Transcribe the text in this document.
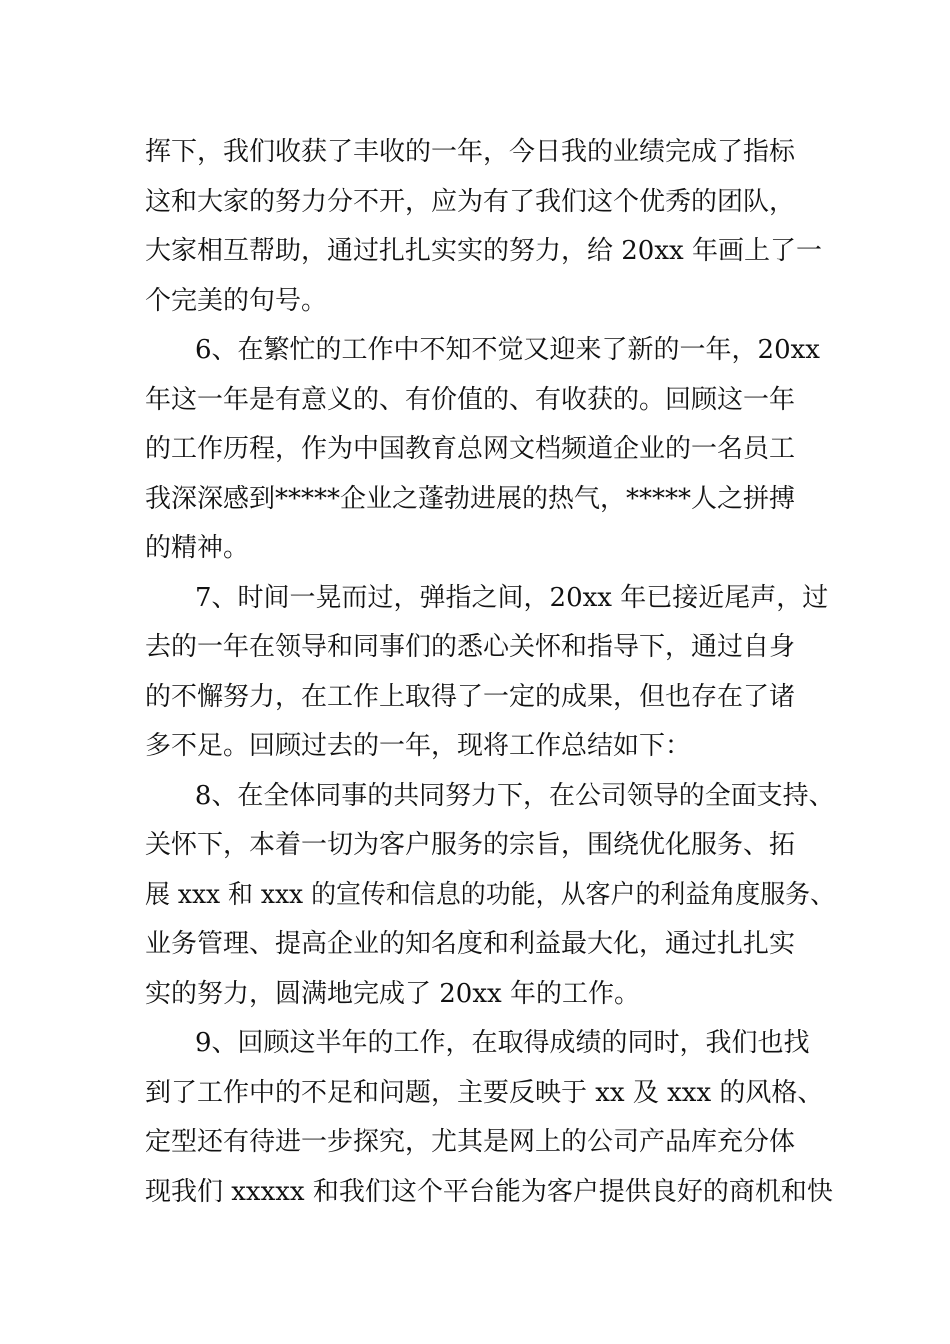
挥下，我们收获了丰收的一年，今日我的业绩完成了指标
这和大家的努力分不开，应为有了我们这个优秀的团队，
大家相互帮助，通过扎扎实实的努力，给 20xx 年画上了一
个完美的句号。
6、在繁忙的工作中不知不觉又迎来了新的一年，20xx
年这一年是有意义的、有价值的、有收获的。回顾这一年
的工作历程，作为中国教育总网文档频道企业的一名员工
我深深感到*****企业之蓬勃进展的热气，*****人之拼搏
的精神。
7、时间一晃而过，弹指之间，20xx 年已接近尾声，过
去的一年在领导和同事们的悉心关怀和指导下，通过自身
的不懈努力，在工作上取得了一定的成果，但也存在了诸
多不足。回顾过去的一年，现将工作总结如下：
8、在全体同事的共同努力下，在公司领导的全面支持、
关怀下，本着一切为客户服务的宗旨，围绕优化服务、拓
展 xxx 和 xxx 的宣传和信息的功能，从客户的利益角度服务、
业务管理、提高企业的知名度和利益最大化，通过扎扎实
实的努力，圆满地完成了 20xx 年的工作。
9、回顾这半年的工作，在取得成绩的同时，我们也找
到了工作中的不足和问题，主要反映于 xx 及 xxx 的风格、
定型还有待进一步探究，尤其是网上的公司产品库充分体
现我们 xxxxx 和我们这个平台能为客户提供良好的商机和快
